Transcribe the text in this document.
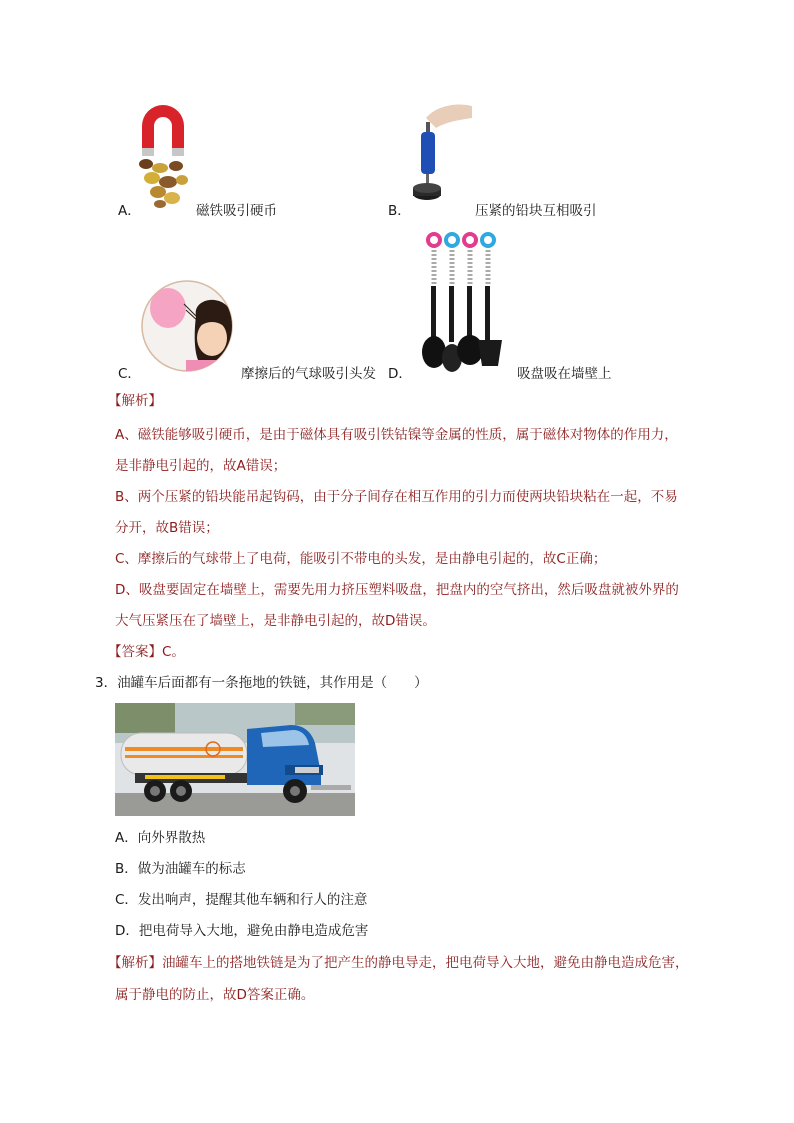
A．	磁铁吸引硬币	B．	压紧的铅块互相吸引
C．	摩擦后的气球吸引头发 D．	吸盘吸在墙壁上
【解析】
A、磁铁能够吸引硬币，是由于磁体具有吸引铁钴镍等金属的性质，属于磁体对物体的作用力，
是非静电引起的，故A错误；
B、两个压紧的铅块能吊起钩码，由于分子间存在相互作用的引力而使两块铅块粘在一起，不易
分开，故B错误；
C、摩擦后的气球带上了电荷，能吸引不带电的头发，是由静电引起的，故C正确；
D、吸盘要固定在墙壁上，需要先用力挤压塑料吸盘，把盘内的空气挤出，然后吸盘就被外界的
大气压紧压在了墙壁上，是非静电引起的，故D错误。
【答案】C。
3．油罐车后面都有一条拖地的铁链，其作用是（　　）
A．向外界散热
B．做为油罐车的标志
C．发出响声，提醒其他车辆和行人的注意
D．把电荷导入大地，避免由静电造成危害
【解析】油罐车上的搭地铁链是为了把产生的静电导走，把电荷导入大地，避免由静电造成危害，
属于静电的防止，故D答案正确。
